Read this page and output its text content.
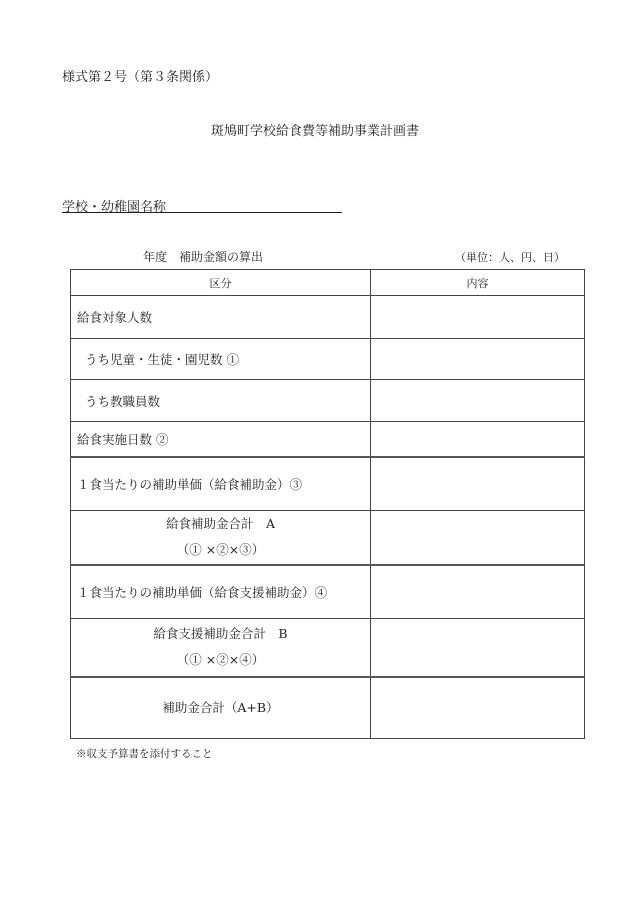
様式第２号（第３条関係）
斑鳩町学校給食費等補助事業計画書
学校・幼稚園名称
年度　補助金額の算出	（単位：人、円、日）
区分	内容
給食対象人数	
うち児童・生徒・園児数 ①	
うち教職員数	
給食実施日数 ②	
１食当たりの補助単価（給食補助金）③	

給食補助金合計　A
（① ×②×③）	

１食当たりの補助単価（給食支援補助金）④	

給食支援補助金合計　B
（① ×②×④）	

補助金合計（A+B）	
※収支予算書を添付すること
